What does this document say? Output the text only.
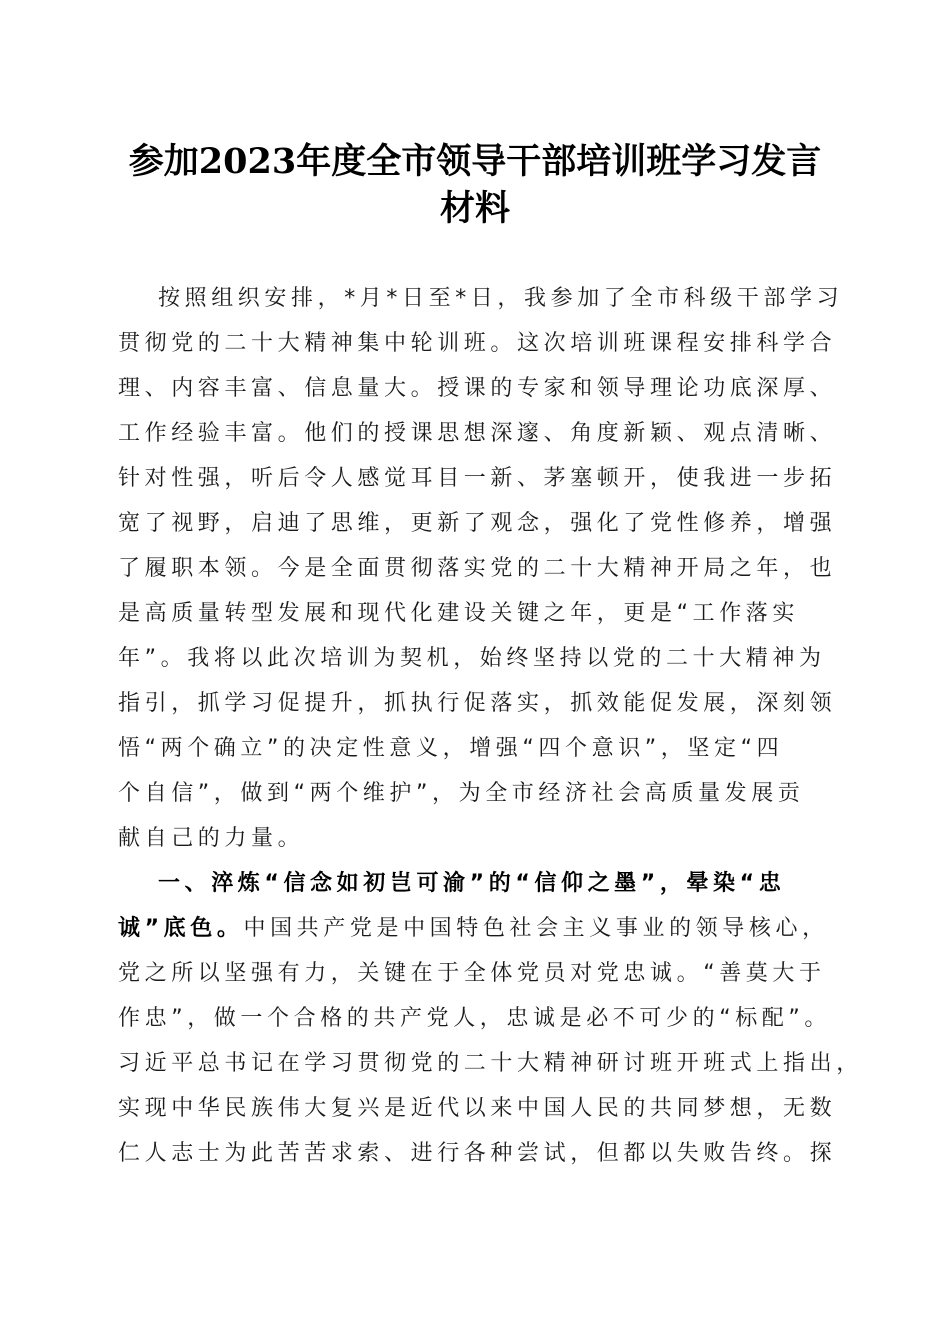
参加2023年度全市领导干部培训班学习发言
材料
按照组织安排，*月*日至*日，我参加了全市科级干部学习
贯彻党的二十大精神集中轮训班。这次培训班课程安排科学合
理、内容丰富、信息量大。授课的专家和领导理论功底深厚、
工作经验丰富。他们的授课思想深邃、角度新颖、观点清晰、
针对性强，听后令人感觉耳目一新、茅塞顿开，使我进一步拓
宽了视野，启迪了思维，更新了观念，强化了党性修养，增强
了履职本领。今是全面贯彻落实党的二十大精神开局之年，也
是高质量转型发展和现代化建设关键之年，更是“工作落实
年”。我将以此次培训为契机，始终坚持以党的二十大精神为
指引，抓学习促提升，抓执行促落实，抓效能促发展，深刻领
悟“两个确立”的决定性意义，增强“四个意识”，坚定“四
个自信”，做到“两个维护”，为全市经济社会高质量发展贡
献自己的力量。
一、淬炼“信念如初岂可渝”的“信仰之墨”，晕染“忠
诚”底色。中国共产党是中国特色社会主义事业的领导核心，
党之所以坚强有力，关键在于全体党员对党忠诚。“善莫大于
作忠”，做一个合格的共产党人，忠诚是必不可少的“标配”。
习近平总书记在学习贯彻党的二十大精神研讨班开班式上指出，
实现中华民族伟大复兴是近代以来中国人民的共同梦想，无数
仁人志士为此苦苦求索、进行各种尝试，但都以失败告终。探
